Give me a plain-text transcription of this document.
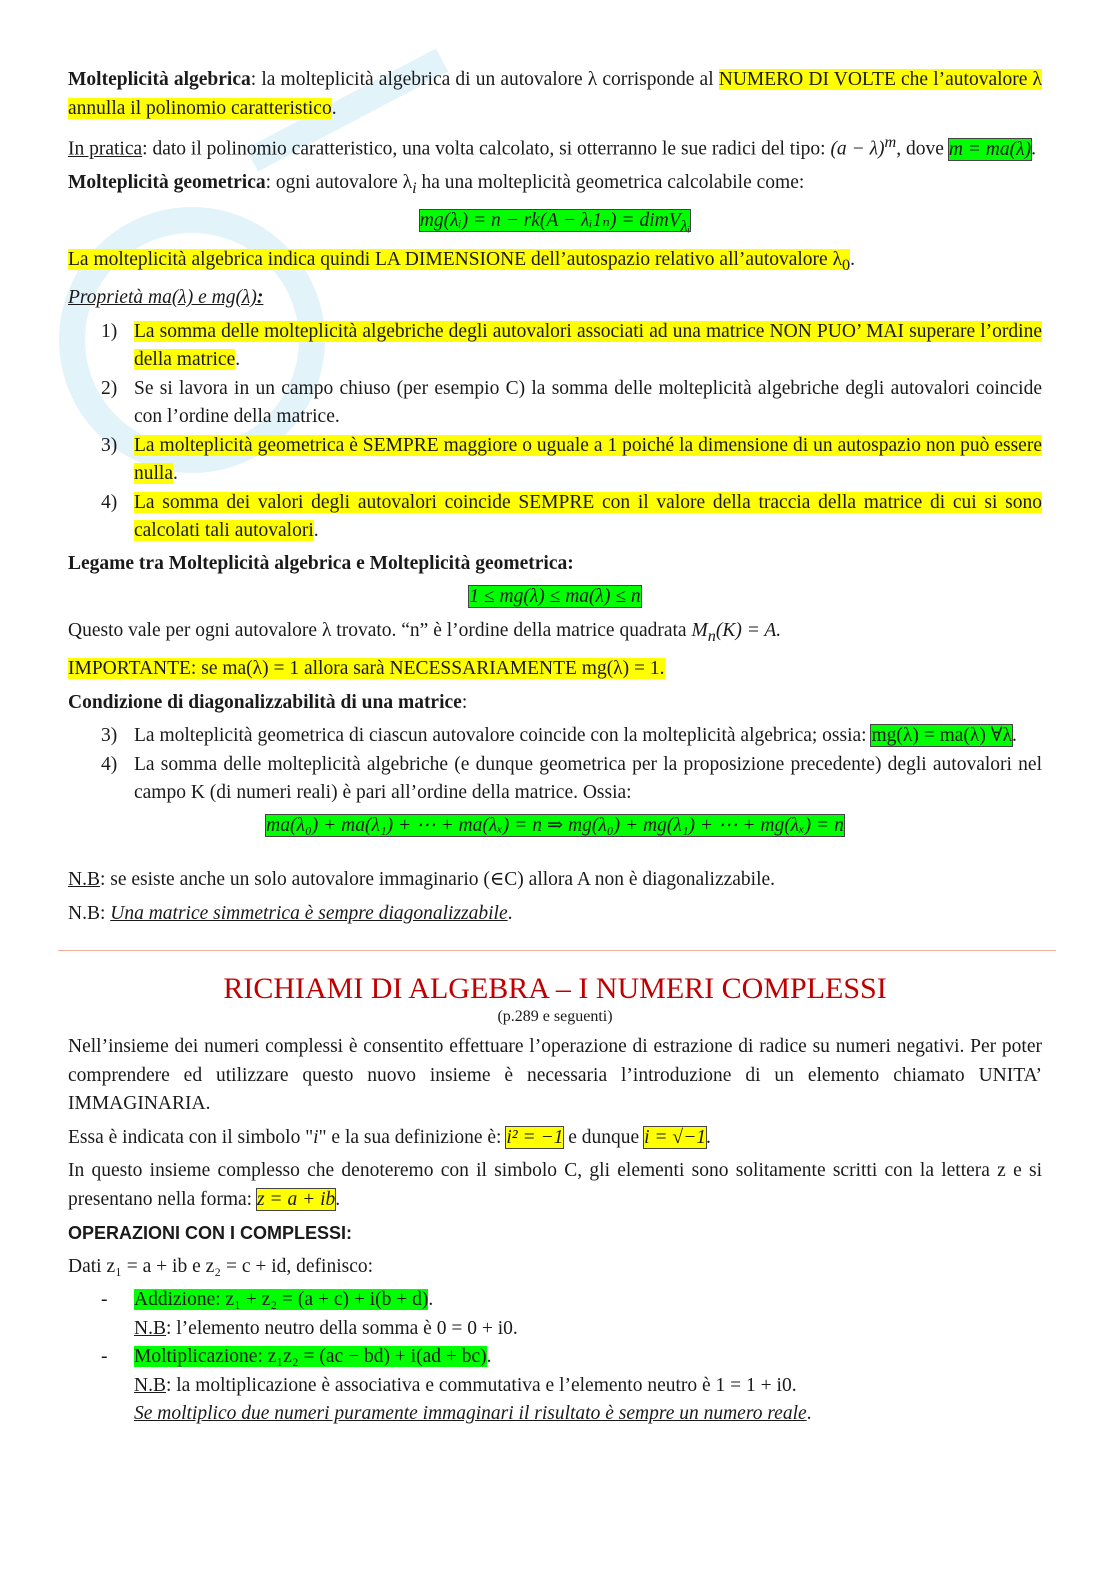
Molteplicità algebrica: la molteplicità algebrica di un autovalore λ corrisponde al NUMERO DI VOLTE che l’autovalore λ annulla il polinomio caratteristico.

In pratica: dato il polinomio caratteristico, una volta calcolato, si otterranno le sue radici del tipo: $(a - \lambda)^m$, dove m = ma(λ).

Molteplicità geometrica: ogni autovalore $\lambda_i$ ha una molteplicità geometrica calcolabile come:

mg(λᵢ) = n − rk(A − λᵢ1ₙ) = dimV$_{\lambda ᵢ}$

La molteplicità algebrica indica quindi LA DIMENSIONE dell’autospazio relativo all’autovalore $\lambda_0$.

Proprietà ma(λ) e mg(λ):

1) La somma delle molteplicità algebriche degli autovalori associati ad una matrice NON PUO’ MAI superare l’ordine della matrice.
2) Se si lavora in un campo chiuso (per esempio C) la somma delle molteplicità algebriche degli autovalori coincide con l’ordine della matrice.
3) La molteplicità geometrica è SEMPRE maggiore o uguale a 1 poiché la dimensione di un autospazio non può essere nulla.
4) La somma dei valori degli autovalori coincide SEMPRE con il valore della traccia della matrice di cui si sono calcolati tali autovalori.

Legame tra Molteplicità algebrica e Molteplicità geometrica:

1 ≤ mg(λ) ≤ ma(λ) ≤ n

Questo vale per ogni autovalore λ trovato. “n” è l’ordine della matrice quadrata $M_n(K) = A$.

IMPORTANTE: se ma(λ) = 1 allora sarà NECESSARIAMENTE mg(λ) = 1.

Condizione di diagonalizzabilità di una matrice:

3) La molteplicità geometrica di ciascun autovalore coincide con la molteplicità algebrica; ossia: mg(λ) = ma(λ) ∀λ.
4) La somma delle molteplicità algebriche (e dunque geometrica per la proposizione precedente) degli autovalori nel campo K (di numeri reali) è pari all’ordine della matrice. Ossia:

ma(λ₀) + ma(λ₁) + ⋯ + ma(λₓ) = n ⇒ mg(λ₀) + mg(λ₁) + ⋯ + mg(λₓ) = n

N.B: se esiste anche un solo autovalore immaginario (∈C) allora A non è diagonalizzabile.

N.B: Una matrice simmetrica è sempre diagonalizzabile.

RICHIAMI DI ALGEBRA – I NUMERI COMPLESSI
(p.289 e seguenti)

Nell’insieme dei numeri complessi è consentito effettuare l’operazione di estrazione di radice su numeri negativi. Per poter comprendere ed utilizzare questo nuovo insieme è necessaria l’introduzione di un elemento chiamato UNITA’ IMMAGINARIA.

Essa è indicata con il simbolo "i" e la sua definizione è: i² = −1 e dunque i = √−1.

In questo insieme complesso che denoteremo con il simbolo C, gli elementi sono solitamente scritti con la lettera z e si presentano nella forma: z = a + ib.

OPERAZIONI CON I COMPLESSI:

Dati z₁ = a + ib e z₂ = c + id, definisco:

- Addizione: z₁ + z₂ = (a + c) + i(b + d).
N.B: l’elemento neutro della somma è 0 = 0 + i0.
- Moltiplicazione: z₁z₂ = (ac − bd) + i(ad + bc).
N.B: la moltiplicazione è associativa e commutativa e l’elemento neutro è 1 = 1 + i0.
Se moltiplico due numeri puramente immaginari il risultato è sempre un numero reale.
